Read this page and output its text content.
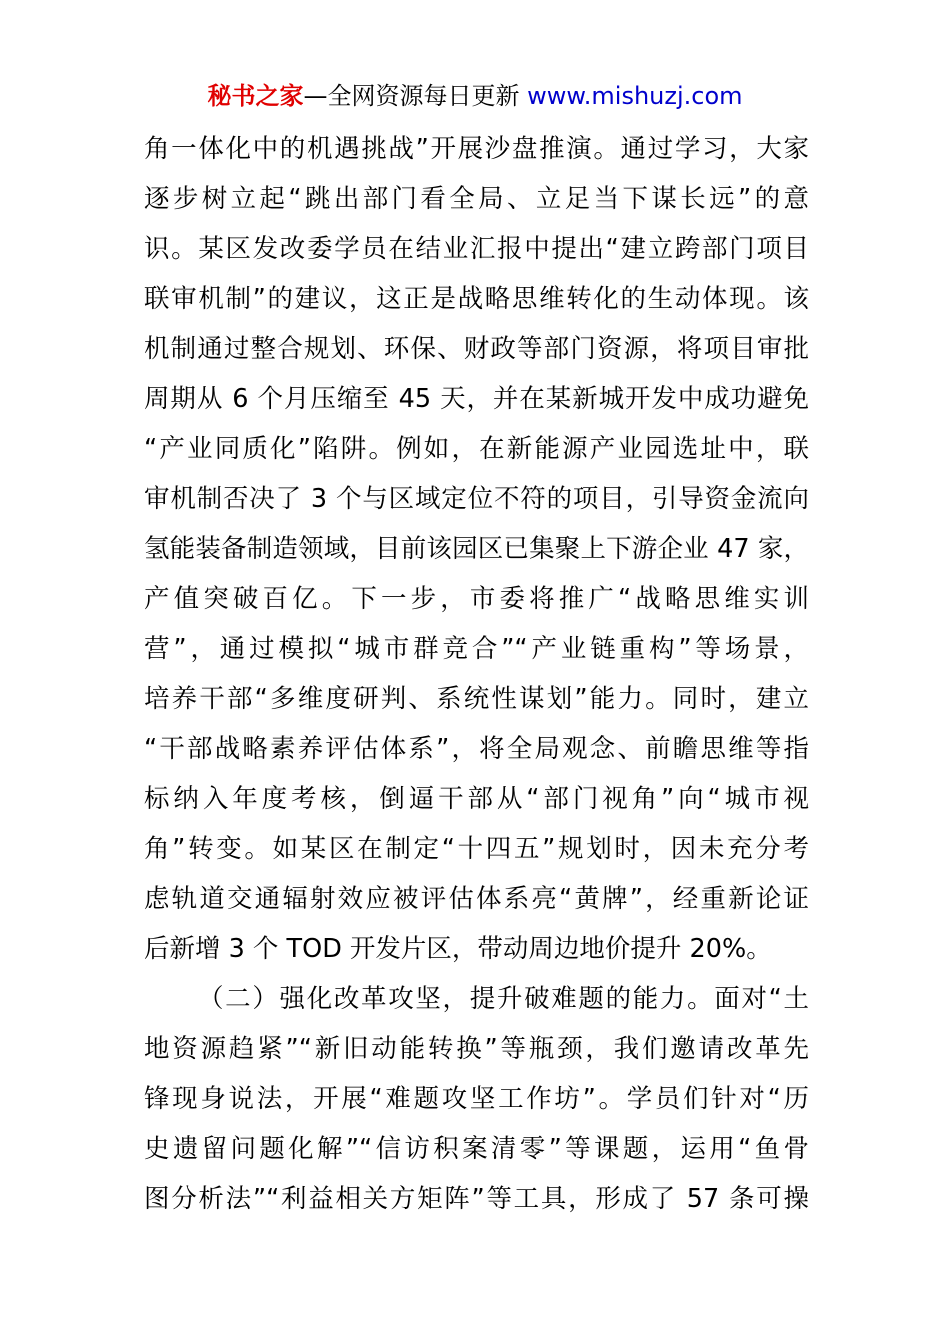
秘书之家—全网资源每日更新 www.mishuzj.com
角一体化中的机遇挑战”开展沙盘推演。通过学习，大家
逐步树立起“跳出部门看全局、立足当下谋长远”的意
识。某区发改委学员在结业汇报中提出“建立跨部门项目
联审机制”的建议，这正是战略思维转化的生动体现。该
机制通过整合规划、环保、财政等部门资源，将项目审批
周期从 6 个月压缩至 45 天，并在某新城开发中成功避免
“产业同质化”陷阱。例如，在新能源产业园选址中，联
审机制否决了 3 个与区域定位不符的项目，引导资金流向
氢能装备制造领域，目前该园区已集聚上下游企业 47 家，
产值突破百亿。下一步，市委将推广“战略思维实训
营”，通过模拟“城市群竞合”“产业链重构”等场景，
培养干部“多维度研判、系统性谋划”能力。同时，建立
“干部战略素养评估体系”，将全局观念、前瞻思维等指
标纳入年度考核，倒逼干部从“部门视角”向“城市视
角”转变。如某区在制定“十四五”规划时，因未充分考
虑轨道交通辐射效应被评估体系亮“黄牌”，经重新论证
后新增 3 个 TOD 开发片区，带动周边地价提升 20%。
（二）强化改革攻坚，提升破难题的能力。面对“土
地资源趋紧”“新旧动能转换”等瓶颈，我们邀请改革先
锋现身说法，开展“难题攻坚工作坊”。学员们针对“历
史遗留问题化解”“信访积案清零”等课题，运用“鱼骨
图分析法”“利益相关方矩阵”等工具，形成了 57 条可操
